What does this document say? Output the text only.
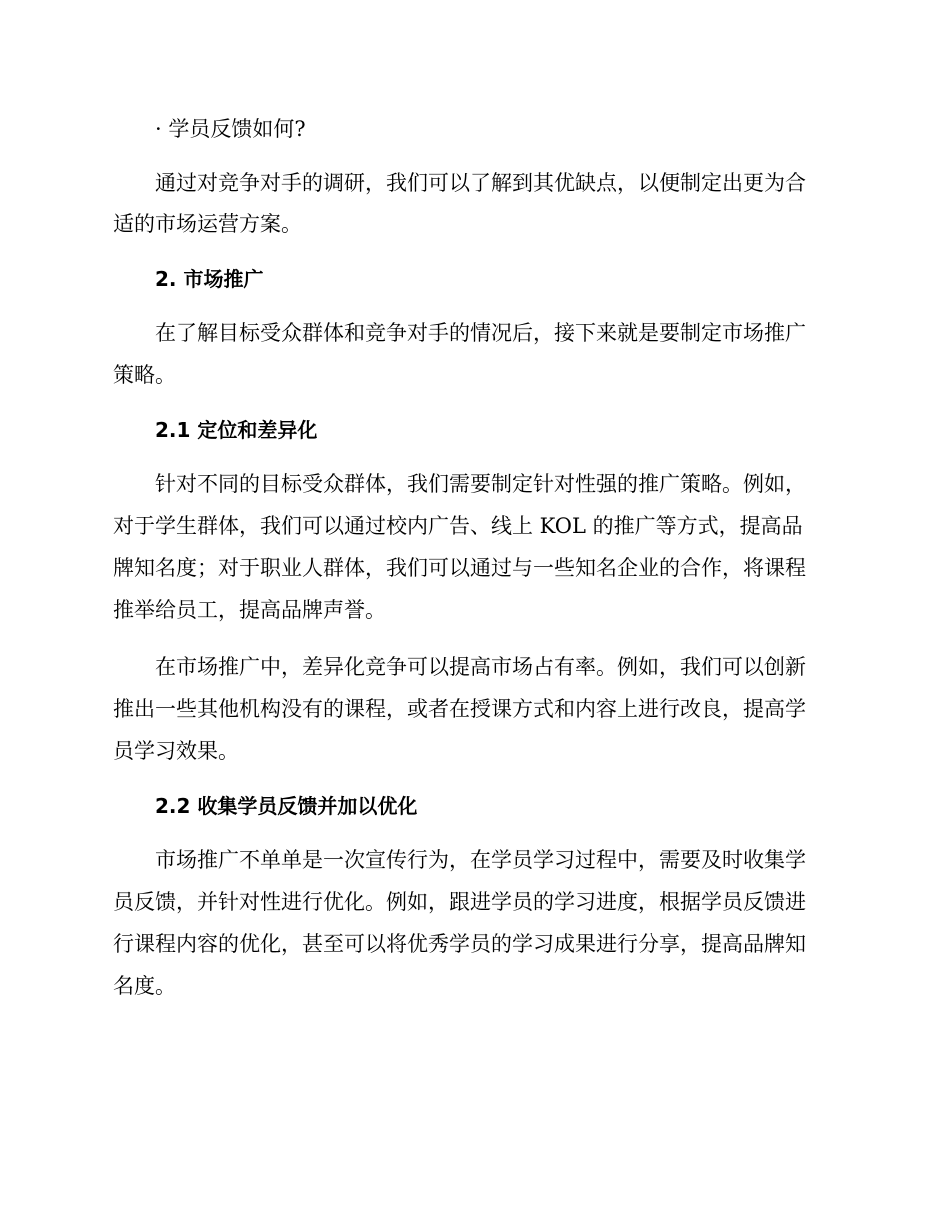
· 学员反馈如何?

通过对竞争对手的调研，我们可以了解到其优缺点，以便制定出更为合

适的市场运营方案。

2. 市场推广

在了解目标受众群体和竞争对手的情况后，接下来就是要制定市场推广

策略。

2.1 定位和差异化

针对不同的目标受众群体，我们需要制定针对性强的推广策略。例如，

对于学生群体，我们可以通过校内广告、线上 KOL 的推广等方式，提高品

牌知名度；对于职业人群体，我们可以通过与一些知名企业的合作，将课程

推举给员工，提高品牌声誉。

在市场推广中，差异化竞争可以提高市场占有率。例如，我们可以创新

推出一些其他机构没有的课程，或者在授课方式和内容上进行改良，提高学

员学习效果。

2.2 收集学员反馈并加以优化

市场推广不单单是一次宣传行为，在学员学习过程中，需要及时收集学

员反馈，并针对性进行优化。例如，跟进学员的学习进度，根据学员反馈进

行课程内容的优化，甚至可以将优秀学员的学习成果进行分享，提高品牌知

名度。
